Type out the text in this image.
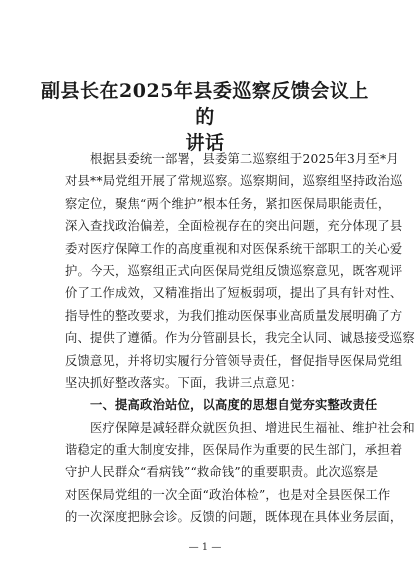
副县长在2025年县委巡察反馈会议上的
讲话
根据县委统一部署，县委第二巡察组于2025年3月至*月
对县**局党组开展了常规巡察。巡察期间，巡察组坚持政治巡
察定位，聚焦“两个维护”根本任务，紧扣医保局职能责任，
深入查找政治偏差，全面检视存在的突出问题，充分体现了县
委对医疗保障工作的高度重视和对医保系统干部职工的关心爱
护。今天，巡察组正式向医保局党组反馈巡察意见，既客观评
价了工作成效，又精准指出了短板弱项，提出了具有针对性、
指导性的整改要求，为我们推动医保事业高质量发展明确了方
向、提供了遵循。作为分管副县长，我完全认同、诚恳接受巡察
反馈意见，并将切实履行分管领导责任，督促指导医保局党组
坚决抓好整改落实。下面，我讲三点意见：
一、提高政治站位，以高度的思想自觉夯实整改责任
医疗保障是减轻群众就医负担、增进民生福祉、维护社会和
谐稳定的重大制度安排，医保局作为重要的民生部门，承担着
守护人民群众“看病钱”“救命钱”的重要职责。此次巡察是
对医保局党组的一次全面“政治体检”，也是对全县医保工作
的一次深度把脉会诊。反馈的问题，既体现在具体业务层面，
— 1 —
